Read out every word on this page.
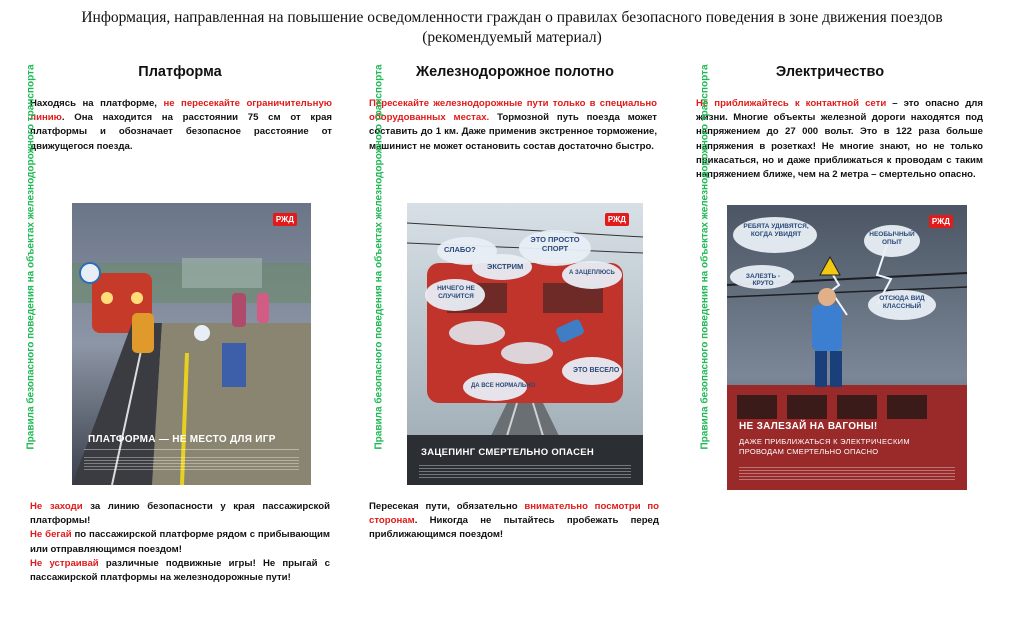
Информация, направленная на повышение осведомленности граждан о правилах безопасного поведения в зоне движения поездов
(рекомендуемый материал)
Платформа	Железнодорожное полотно	Электричество
Находясь на платформе, не пересекайте ограничительную линию. Она находится на расстоянии 75 см от края платформы и обозначает безопасное расстояние от движущегося поезда.
Пересекайте железнодорожные пути только в специально оборудованных местах. Тормозной путь поезда может составить до 1 км. Даже применив экстренное торможение, машинист не может остановить состав достаточно быстро.
Не приближайтесь к контактной сети – это опасно для жизни. Многие объекты железной дороги находятся под напряжением до 27 000 вольт. Это в 122 раза больше напряжения в розетках! Не многие знают, но не только прикасаться, но и даже приближаться к проводам с таким напряжением ближе, чем на 2 метра – смертельно опасно.
Правила безопасного поведения на объектах железнодорожного транспорта	Правила безопасного поведения на объектах железнодорожного транспорта	Правила безопасного поведения на объектах железнодорожного транспорта
РЖД
ПЛАТФОРМА — НЕ МЕСТО ДЛЯ ИГР
РЖД
СЛАБО?
ЭТО ПРОСТО СПОРТ
ЭКСТРИМ
НИЧЕГО НЕ СЛУЧИТСЯ
А ЗАЦЕПЛЮСЬ
ЭТО ВЕСЕЛО
ДА ВСЕ НОРМАЛЬНО
ЗАЦЕПИНГ СМЕРТЕЛЬНО ОПАСЕН
РЖД
РЕБЯТА УДИВЯТСЯ, КОГДА УВИДЯТ	НЕОБЫЧНЫЙ ОПЫТ
ЗАЛЕЗТЬ - КРУТО
ОТСЮДА ВИД КЛАССНЫЙ
НЕ ЗАЛЕЗАЙ НА ВАГОНЫ!
ДАЖЕ ПРИБЛИЖАТЬСЯ К ЭЛЕКТРИЧЕСКИМ ПРОВОДАМ СМЕРТЕЛЬНО ОПАСНО
Не заходи за линию безопасности у края пассажирской платформы!
Не бегай по пассажирской платформе рядом с прибывающим или отправляющимся поездом!
Не устраивай различные подвижные игры! Не прыгай с пассажирской платформы на железнодорожные пути!
Пересекая пути, обязательно внимательно посмотри по сторонам. Никогда не пытайтесь пробежать перед приближающимся поездом!
